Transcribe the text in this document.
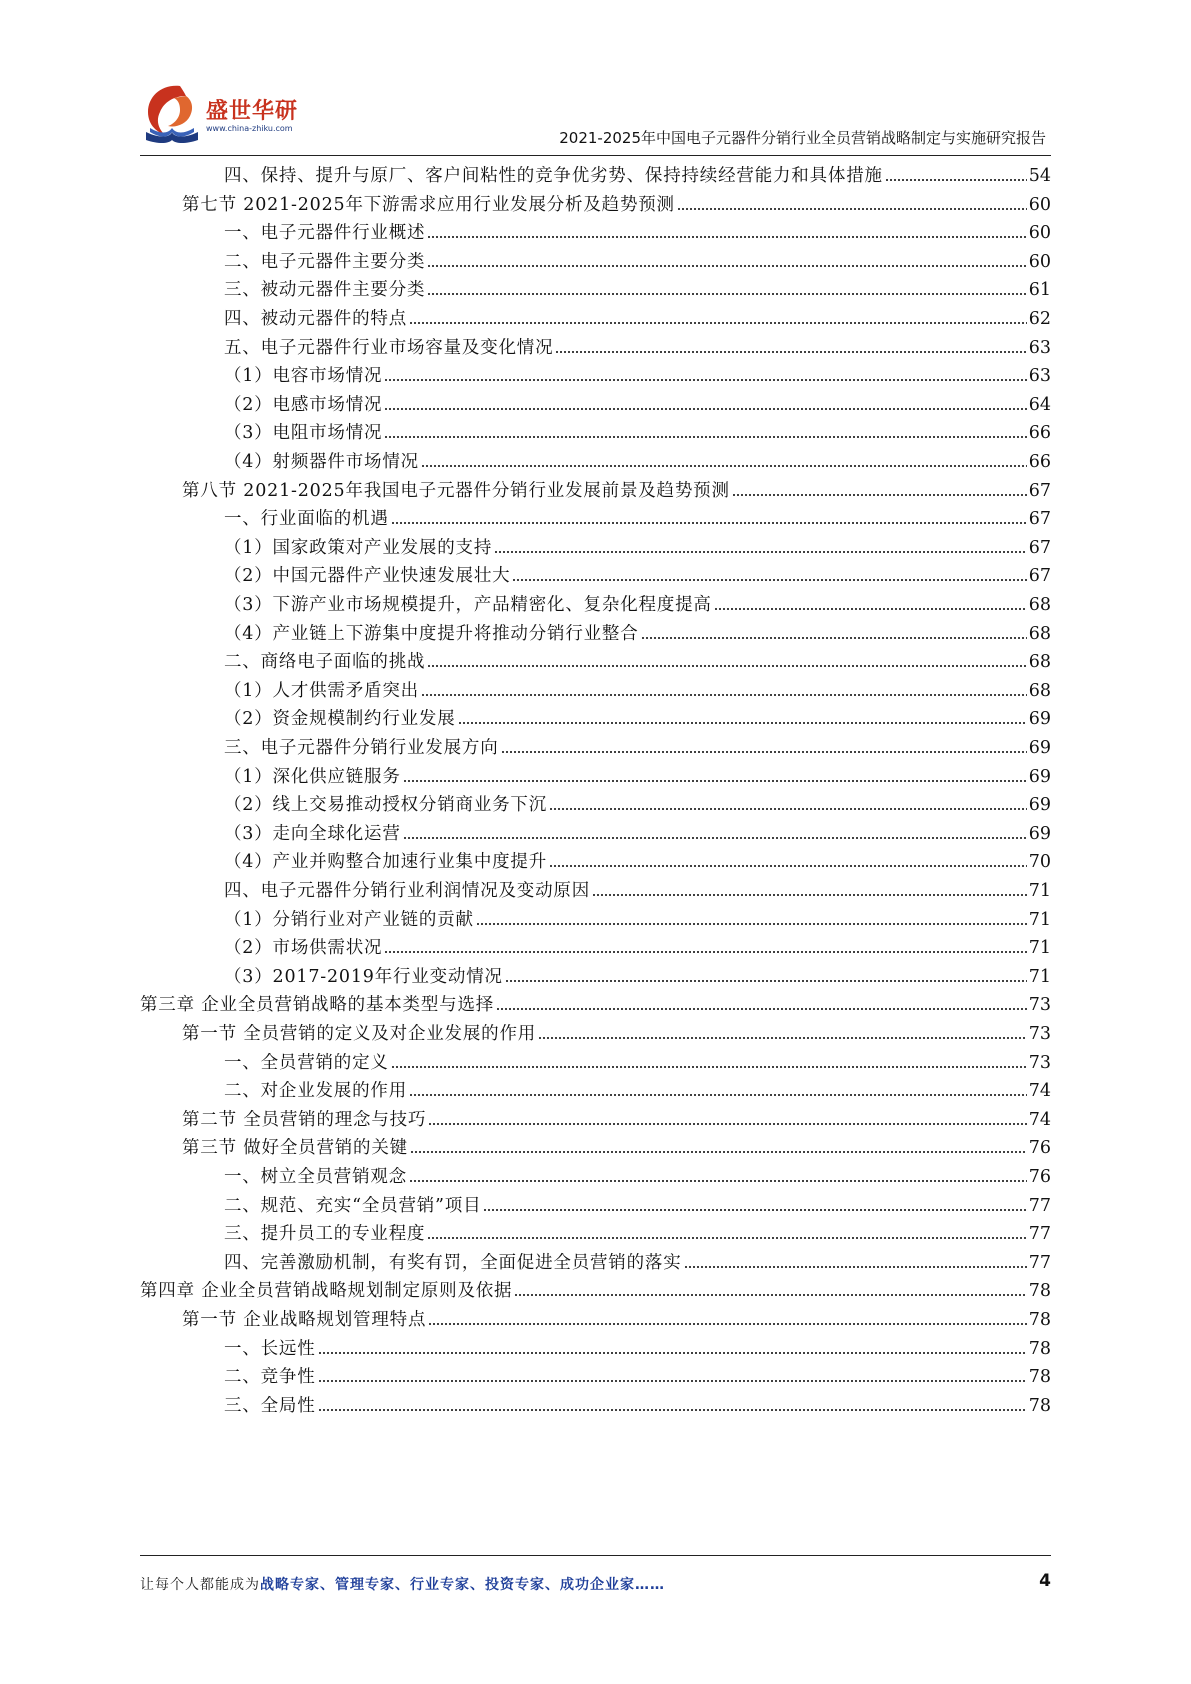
盛世华研
www.china-zhiku.com
2021-2025年中国电子元器件分销行业全员营销战略制定与实施研究报告
四、保持、提升与原厂、客户间粘性的竞争优劣势、保持持续经营能力和具体措施	54
第七节 2021-2025年下游需求应用行业发展分析及趋势预测	60
一、电子元器件行业概述	60
二、电子元器件主要分类	60
三、被动元器件主要分类	61
四、被动元器件的特点	62
五、电子元器件行业市场容量及变化情况	63
（1）电容市场情况	63
（2）电感市场情况	64
（3）电阻市场情况	66
（4）射频器件市场情况	66
第八节 2021-2025年我国电子元器件分销行业发展前景及趋势预测	67
一、行业面临的机遇	67
（1）国家政策对产业发展的支持	67
（2）中国元器件产业快速发展壮大	67
（3）下游产业市场规模提升，产品精密化、复杂化程度提高	68
（4）产业链上下游集中度提升将推动分销行业整合	68
二、商络电子面临的挑战	68
（1）人才供需矛盾突出	68
（2）资金规模制约行业发展	69
三、电子元器件分销行业发展方向	69
（1）深化供应链服务	69
（2）线上交易推动授权分销商业务下沉	69
（3）走向全球化运营	69
（4）产业并购整合加速行业集中度提升	70
四、电子元器件分销行业利润情况及变动原因	71
（1）分销行业对产业链的贡献	71
（2）市场供需状况	71
（3）2017-2019年行业变动情况	71
第三章 企业全员营销战略的基本类型与选择	73
第一节 全员营销的定义及对企业发展的作用	73
一、全员营销的定义	73
二、对企业发展的作用	74
第二节 全员营销的理念与技巧	74
第三节 做好全员营销的关键	76
一、树立全员营销观念	76
二、规范、充实“全员营销”项目	77
三、提升员工的专业程度	77
四、完善激励机制，有奖有罚，全面促进全员营销的落实	77
第四章 企业全员营销战略规划制定原则及依据	78
第一节 企业战略规划管理特点	78
一、长远性	78
二、竞争性	78
三、全局性	78
让每个人都能成为战略专家、管理专家、行业专家、投资专家、成功企业家……	4
